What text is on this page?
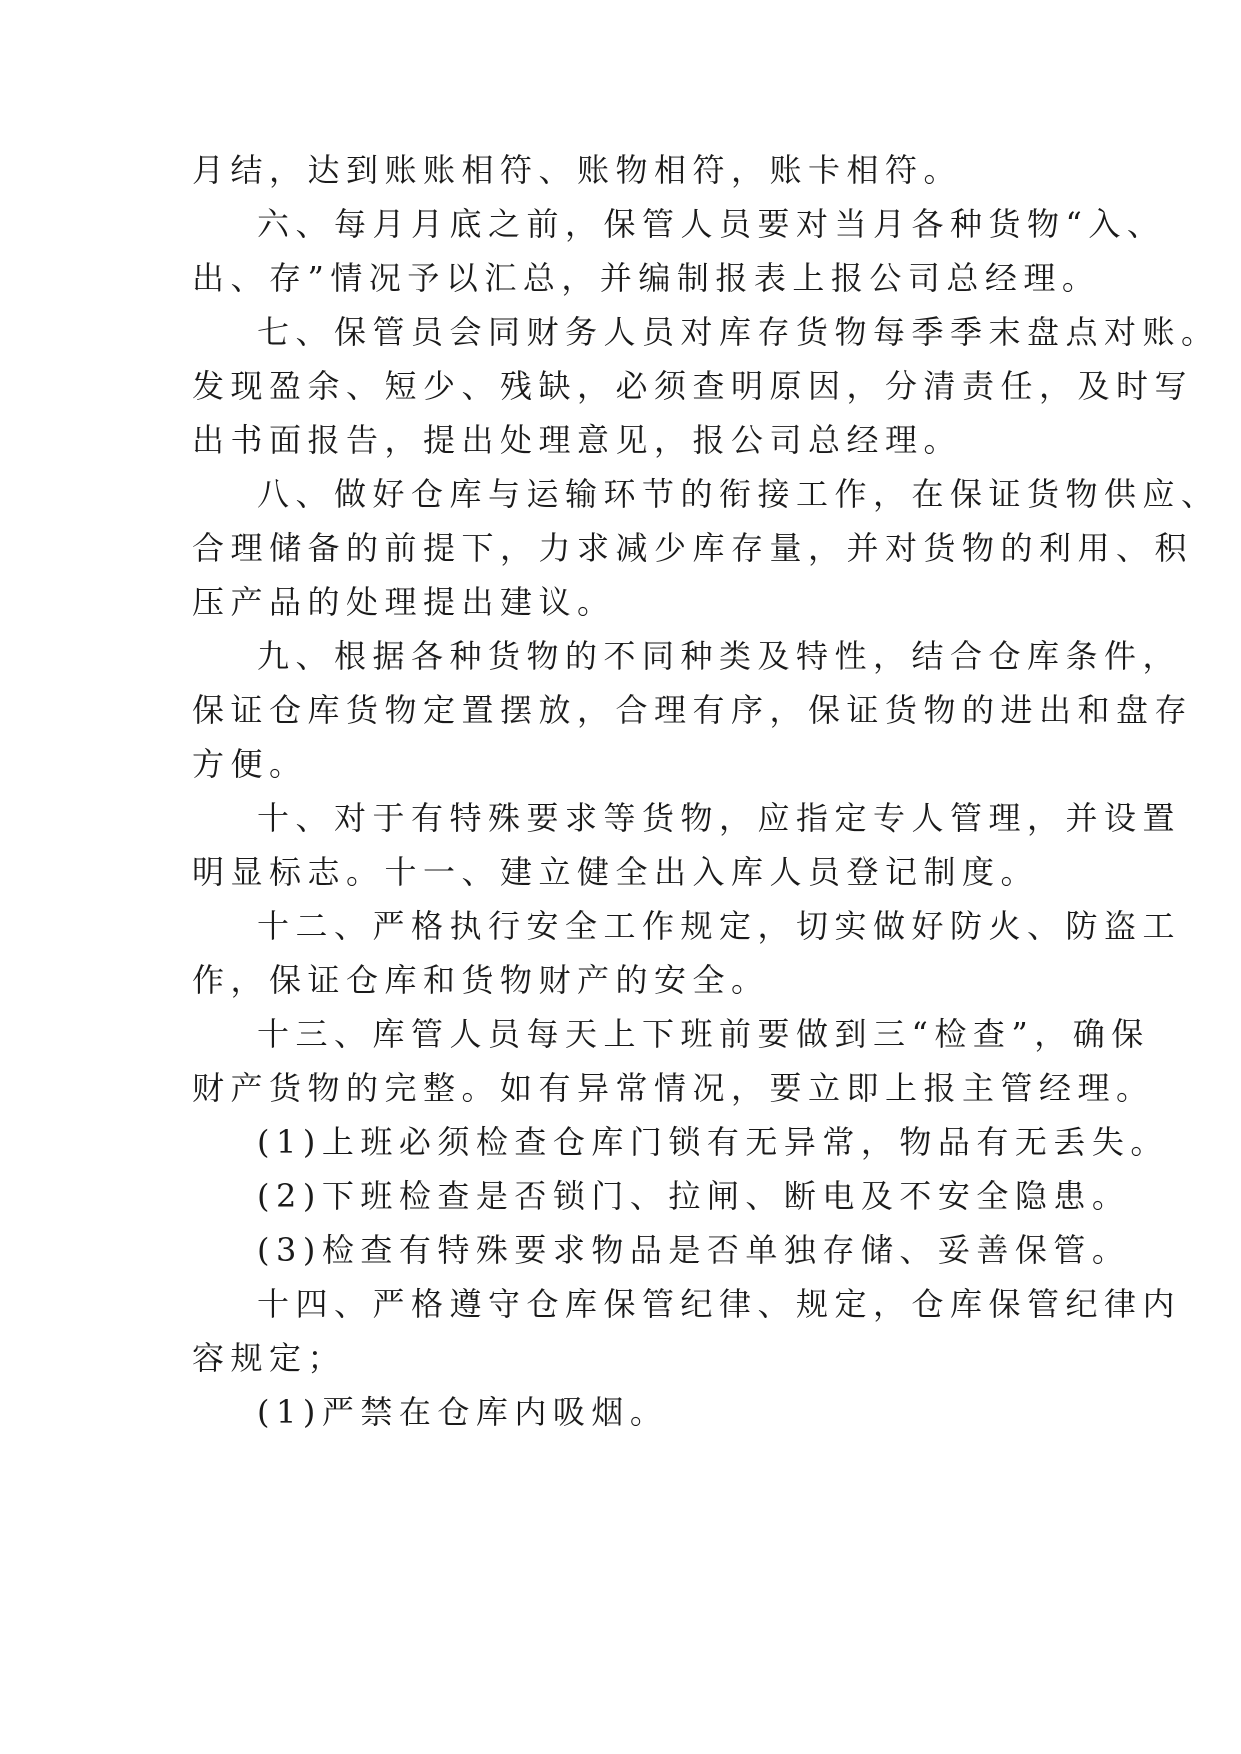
月结，达到账账相符、账物相符，账卡相符。
六、每月月底之前，保管人员要对当月各种货物“入、
出、存”情况予以汇总，并编制报表上报公司总经理。
七、保管员会同财务人员对库存货物每季季末盘点对账。
发现盈余、短少、残缺，必须查明原因，分清责任，及时写
出书面报告，提出处理意见，报公司总经理。
八、做好仓库与运输环节的衔接工作，在保证货物供应、
合理储备的前提下，力求减少库存量，并对货物的利用、积
压产品的处理提出建议。
九、根据各种货物的不同种类及特性，结合仓库条件，
保证仓库货物定置摆放，合理有序，保证货物的进出和盘存
方便。
十、对于有特殊要求等货物，应指定专人管理，并设置
明显标志。十一、建立健全出入库人员登记制度。
十二、严格执行安全工作规定，切实做好防火、防盗工
作，保证仓库和货物财产的安全。
十三、库管人员每天上下班前要做到三“检查”，确保
财产货物的完整。如有异常情况，要立即上报主管经理。
(1)上班必须检查仓库门锁有无异常，物品有无丢失。
(2)下班检查是否锁门、拉闸、断电及不安全隐患。
(3)检查有特殊要求物品是否单独存储、妥善保管。
十四、严格遵守仓库保管纪律、规定，仓库保管纪律内
容规定；
(1)严禁在仓库内吸烟。
